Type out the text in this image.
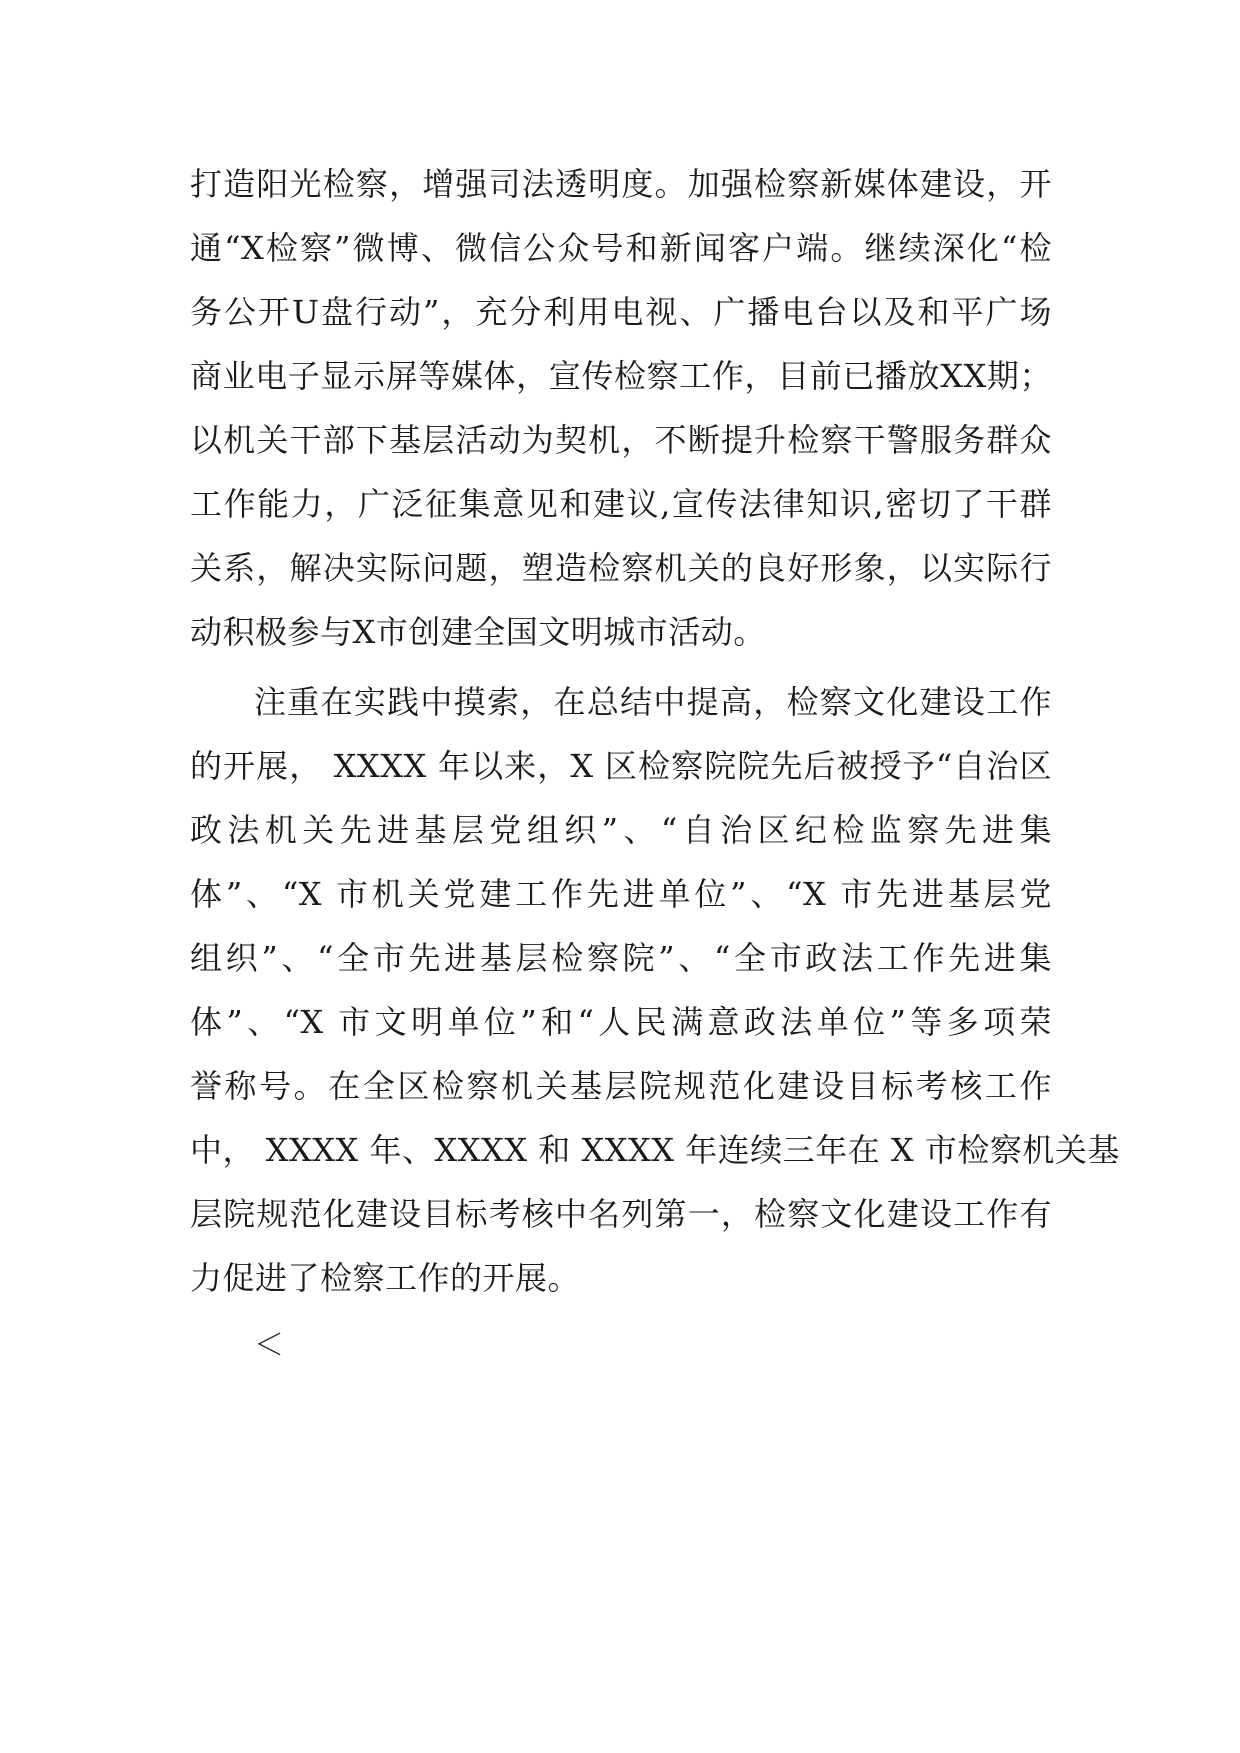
打造阳光检察，增强司法透明度。加强检察新媒体建设，开
通“X检察”微博、微信公众号和新闻客户端。继续深化“检
务公开U盘行动”，充分利用电视、广播电台以及和平广场
商业电子显示屏等媒体，宣传检察工作，目前已播放XX期；
以机关干部下基层活动为契机，不断提升检察干警服务群众
工作能力，广泛征集意见和建议,宣传法律知识,密切了干群
关系，解决实际问题，塑造检察机关的良好形象，以实际行
动积极参与X市创建全国文明城市活动。
注重在实践中摸索，在总结中提高，检察文化建设工作
的开展， XXXX 年以来，X 区检察院院先后被授予“自治区
政法机关先进基层党组织”、“自治区纪检监察先进集
体”、“X 市机关党建工作先进单位”、“X 市先进基层党
组织”、“全市先进基层检察院”、“全市政法工作先进集
体”、“X 市文明单位”和“人民满意政法单位”等多项荣
誉称号。在全区检察机关基层院规范化建设目标考核工作
中， XXXX 年、XXXX 和 XXXX 年连续三年在 X 市检察机关基
层院规范化建设目标考核中名列第一，检察文化建设工作有
力促进了检察工作的开展。
＜
